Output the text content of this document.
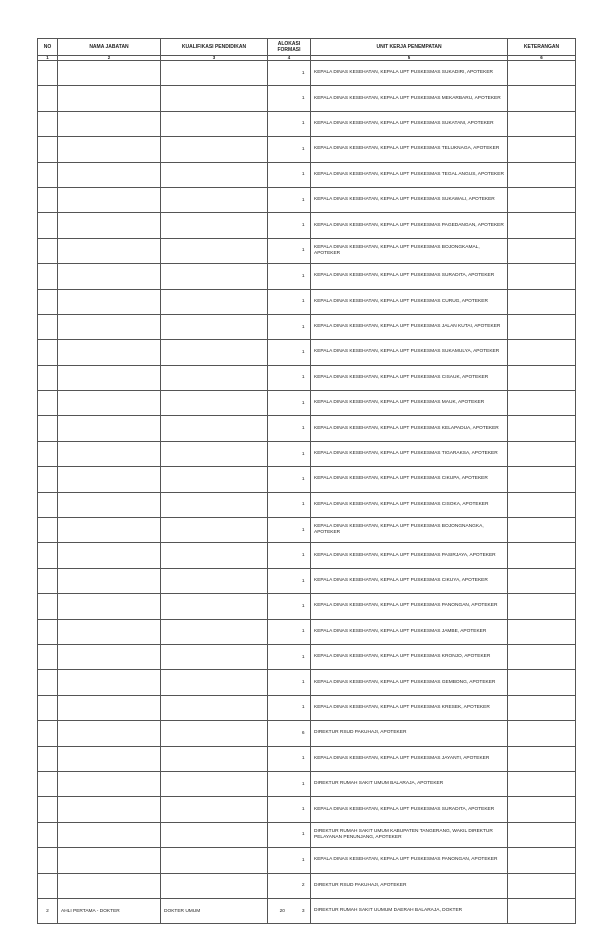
NO	NAMA JABATAN	KUALIFIKASI PENDIDIKAN	ALOKASI FORMASI		UNIT KERJA PENEMPATAN	KETERANGAN
1	2	3	4		5	6
				1	KEPALA DINAS KESEHATAN, KEPALA UPT PUSKESMAS SUKADIRI, APOTEKER	
				1	KEPALA DINAS KESEHATAN, KEPALA UPT PUSKESMAS MEKARBARU, APOTEKER	
				1	KEPALA DINAS KESEHATAN, KEPALA UPT PUSKESMAS SUKATANI, APOTEKER	
				1	KEPALA DINAS KESEHATAN, KEPALA UPT PUSKESMAS TELUKNAGA, APOTEKER	
				1	KEPALA DINAS KESEHATAN, KEPALA UPT PUSKESMAS TEGAL ANGUS, APOTEKER	
				1	KEPALA DINAS KESEHATAN, KEPALA UPT PUSKESMAS SUKAWALI, APOTEKER	
				1	KEPALA DINAS KESEHATAN, KEPALA UPT PUSKESMAS PAGEDANGAN, APOTEKER	
				1	KEPALA DINAS KESEHATAN, KEPALA UPT PUSKESMAS BOJONGKAMAL, APOTEKER	
				1	KEPALA DINAS KESEHATAN, KEPALA UPT PUSKESMAS SURADITA, APOTEKER	
				1	KEPALA DINAS KESEHATAN, KEPALA UPT PUSKESMAS CURUG, APOTEKER	
				1	KEPALA DINAS KESEHATAN, KEPALA UPT PUSKESMAS JALAN KUTAI, APOTEKER	
				1	KEPALA DINAS KESEHATAN, KEPALA UPT PUSKESMAS SUKAMULYA, APOTEKER	
				1	KEPALA DINAS KESEHATAN, KEPALA UPT PUSKESMAS CISAUK, APOTEKER	
				1	KEPALA DINAS KESEHATAN, KEPALA UPT PUSKESMAS MAUK, APOTEKER	
				1	KEPALA DINAS KESEHATAN, KEPALA UPT PUSKESMAS KELAPADUA, APOTEKER	
				1	KEPALA DINAS KESEHATAN, KEPALA UPT PUSKESMAS TIGARAKSA, APOTEKER	
				1	KEPALA DINAS KESEHATAN, KEPALA UPT PUSKESMAS CIKUPA, APOTEKER	
				1	KEPALA DINAS KESEHATAN, KEPALA UPT PUSKESMAS CISOKA, APOTEKER	
				1	KEPALA DINAS KESEHATAN, KEPALA UPT PUSKESMAS BOJONGNANGKA, APOTEKER	
				1	KEPALA DINAS KESEHATAN, KEPALA UPT PUSKESMAS PASIRJAYA, APOTEKER	
				1	KEPALA DINAS KESEHATAN, KEPALA UPT PUSKESMAS CIKUYA, APOTEKER	
				1	KEPALA DINAS KESEHATAN, KEPALA UPT PUSKESMAS PANONGAN, APOTEKER	
				1	KEPALA DINAS KESEHATAN, KEPALA UPT PUSKESMAS JAMBE, APOTEKER	
				1	KEPALA DINAS KESEHATAN, KEPALA UPT PUSKESMAS KRONJO, APOTEKER	
				1	KEPALA DINAS KESEHATAN, KEPALA UPT PUSKESMAS GEMBONG, APOTEKER	
				1	KEPALA DINAS KESEHATAN, KEPALA UPT PUSKESMAS KRESEK, APOTEKER	
				6	DIREKTUR RSUD PAKUHAJI, APOTEKER	
				1	KEPALA DINAS KESEHATAN, KEPALA UPT PUSKESMAS JAYANTI, APOTEKER	
				1	DIREKTUR RUMAH SAKIT UMUM BALARAJA, APOTEKER	
				1	KEPALA DINAS KESEHATAN, KEPALA UPT PUSKESMAS SURADITA, APOTEKER	
				1	DIREKTUR RUMAH SAKIT UMUM KABUPATEN TANGERANG, WAKIL DIREKTUR PELAYANAN PENUNJANG, APOTEKER	
				1	KEPALA DINAS KESEHATAN, KEPALA UPT PUSKESMAS PANONGAN, APOTEKER	
				2	DIREKTUR RSUD PAKUHAJI, APOTEKER	
2	AHLI PERTAMA - DOKTER	DOKTER UMUM	20	3	DIREKTUR RUMAH SAKIT UUMUM DAERAH BALARAJA, DOKTER	
